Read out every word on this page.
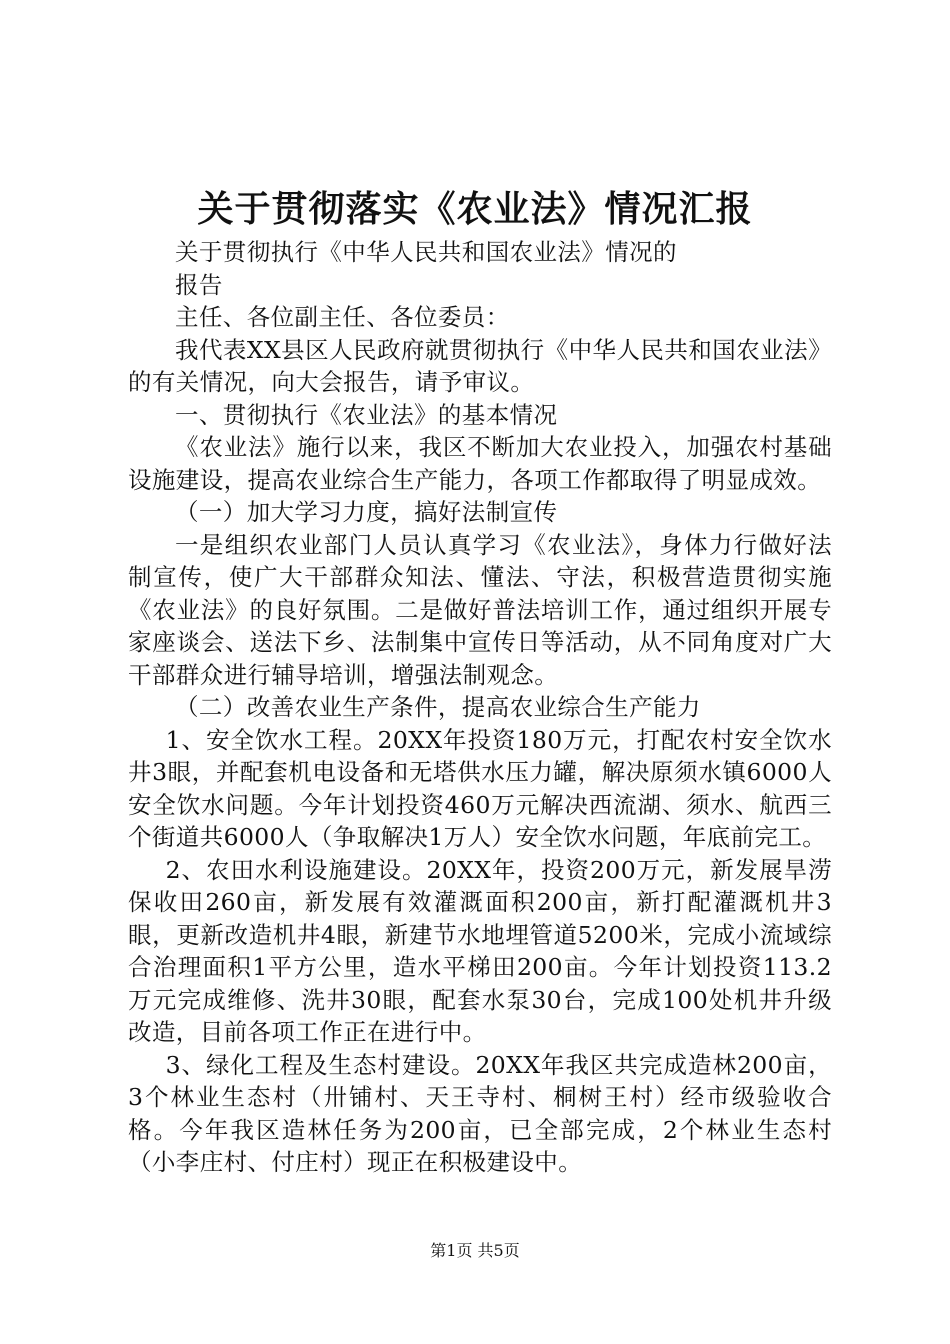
关于贯彻落实《农业法》情况汇报

关于贯彻执行《中华人民共和国农业法》情况的

报告

主任、各位副主任、各位委员：

我代表XX县区人民政府就贯彻执行《中华人民共和国农业法》的有关情况，向大会报告，请予审议。

一、贯彻执行《农业法》的基本情况

《农业法》施行以来，我区不断加大农业投入，加强农村基础设施建设，提高农业综合生产能力，各项工作都取得了明显成效。

（一）加大学习力度，搞好法制宣传

一是组织农业部门人员认真学习《农业法》，身体力行做好法制宣传，使广大干部群众知法、懂法、守法，积极营造贯彻实施《农业法》的良好氛围。二是做好普法培训工作，通过组织开展专家座谈会、送法下乡、法制集中宣传日等活动，从不同角度对广大干部群众进行辅导培训，增强法制观念。

（二）改善农业生产条件，提高农业综合生产能力

1、安全饮水工程。20XX年投资180万元，打配农村安全饮水井3眼，并配套机电设备和无塔供水压力罐，解决原须水镇6000人安全饮水问题。今年计划投资460万元解决西流湖、须水、航西三个街道共6000人（争取解决1万人）安全饮水问题，年底前完工。

2、农田水利设施建设。20XX年，投资200万元，新发展旱涝保收田260亩，新发展有效灌溉面积200亩，新打配灌溉机井3眼，更新改造机井4眼，新建节水地埋管道5200米，完成小流域综合治理面积1平方公里，造水平梯田200亩。今年计划投资113.2万元完成维修、洗井30眼，配套水泵30台，完成100处机井升级改造，目前各项工作正在进行中。

3、绿化工程及生态村建设。20XX年我区共完成造林200亩，3个林业生态村（卅铺村、天王寺村、桐树王村）经市级验收合格。今年我区造林任务为200亩，已全部完成，2个林业生态村（小李庄村、付庄村）现正在积极建设中。

第1页 共5页
